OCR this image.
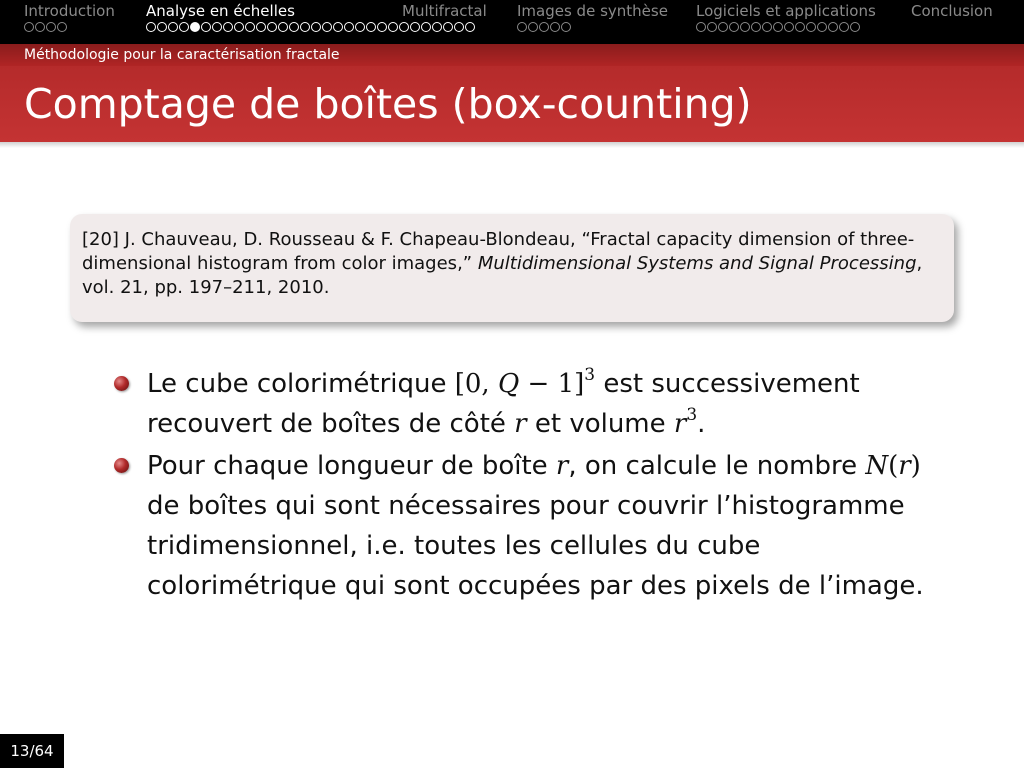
Introduction Analyse en échelles	Multifractal Images de synthèse Logiciels et applications Conclusion
Méthodologie pour la caractérisation fractale
Comptage de boîtes (box-counting)
[20] J. Chauveau, D. Rousseau & F. Chapeau-Blondeau, “Fractal capacity dimension of three-dimensional histogram from color images,” Multidimensional Systems and Signal Processing, vol. 21, pp. 197–211, 2010.
Le cube colorimétrique [0, Q − 1]$^3$ est successivement recouvert de boîtes de côté r et volume $r^3$.
Pour chaque longueur de boîte r, on calcule le nombre N(r) de boîtes qui sont nécessaires pour couvrir l’histogramme tridimensionnel, i.e. toutes les cellules du cube colorimétrique qui sont occupées par des pixels de l’image.
13/64
